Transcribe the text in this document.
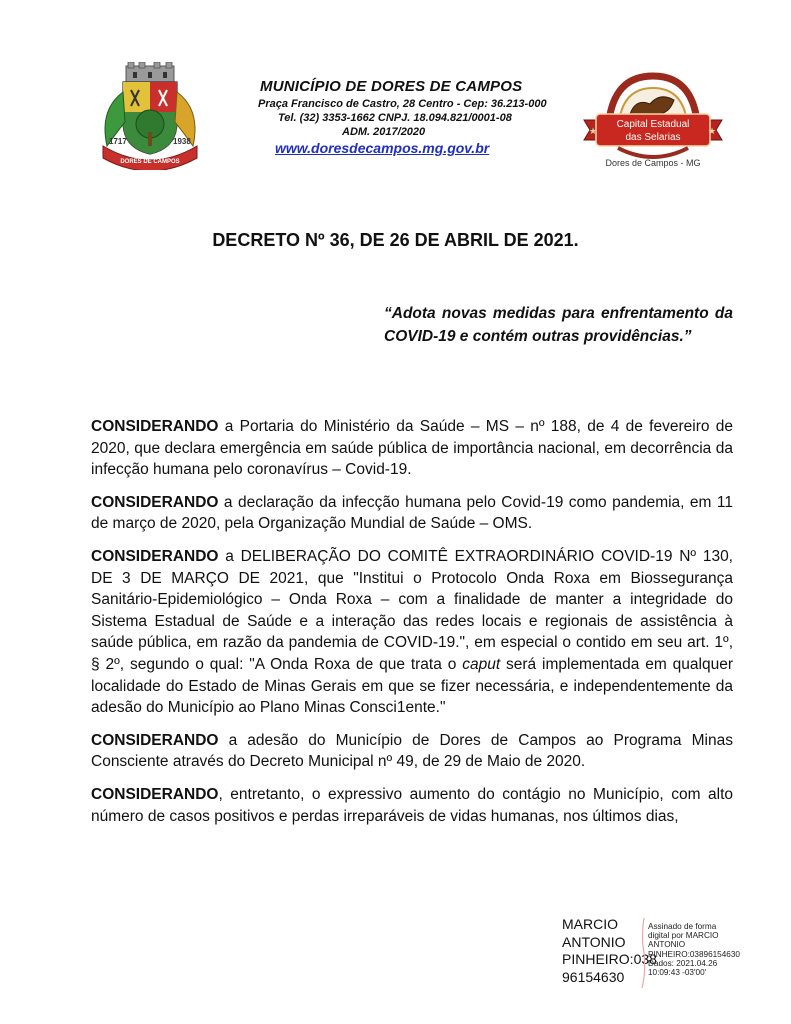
1717	1938
DORES DE CAMPOS
MUNICÍPIO DE DORES DE CAMPOS
Praça Francisco de Castro, 28 Centro - Cep: 36.213-000
Tel. (32) 3353-1662 CNPJ. 18.094.821/0001-08
ADM. 2017/2020
www.doresdecampos.mg.gov.br
Capital Estadual
das Selarias
★	★
Dores de Campos - MG
DECRETO Nº 36, DE 26 DE ABRIL DE 2021.
“Adota novas medidas para enfrentamento da COVID-19 e contém outras providências.”

CONSIDERANDO a Portaria do Ministério da Saúde – MS – nº 188, de 4 de fevereiro de 2020, que declara emergência em saúde pública de importância nacional, em decorrência da infecção humana pelo coronavírus – Covid-19.

CONSIDERANDO a declaração da infecção humana pelo Covid-19 como pandemia, em 11 de março de 2020, pela Organização Mundial de Saúde – OMS.

CONSIDERANDO a DELIBERAÇÃO DO COMITÊ EXTRAORDINÁRIO COVID-19 Nº 130, DE 3 DE MARÇO DE 2021, que "Institui o Protocolo Onda Roxa em Biossegurança Sanitário-Epidemiológico – Onda Roxa – com a finalidade de manter a integridade do Sistema Estadual de Saúde e a interação das redes locais e regionais de assistência à saúde pública, em razão da pandemia de COVID-19.", em especial o contido em seu art. 1º, § 2º, segundo o qual: "A Onda Roxa de que trata o caput será implementada em qualquer localidade do Estado de Minas Gerais em que se fizer necessária, e independentemente da adesão do Município ao Plano Minas Consci1ente."

CONSIDERANDO a adesão do Município de Dores de Campos ao Programa Minas Consciente através do Decreto Municipal nº 49, de 29 de Maio de 2020.

CONSIDERANDO, entretanto, o expressivo aumento do contágio no Município, com alto número de casos positivos e perdas irreparáveis de vidas humanas, nos últimos dias,

MARCIO
ANTONIO
PINHEIRO:038
96154630
Assinado de forma
digital por MARCIO
ANTONIO
PINHEIRO:03896154630
Dados: 2021.04.26
10:09:43 -03'00'
